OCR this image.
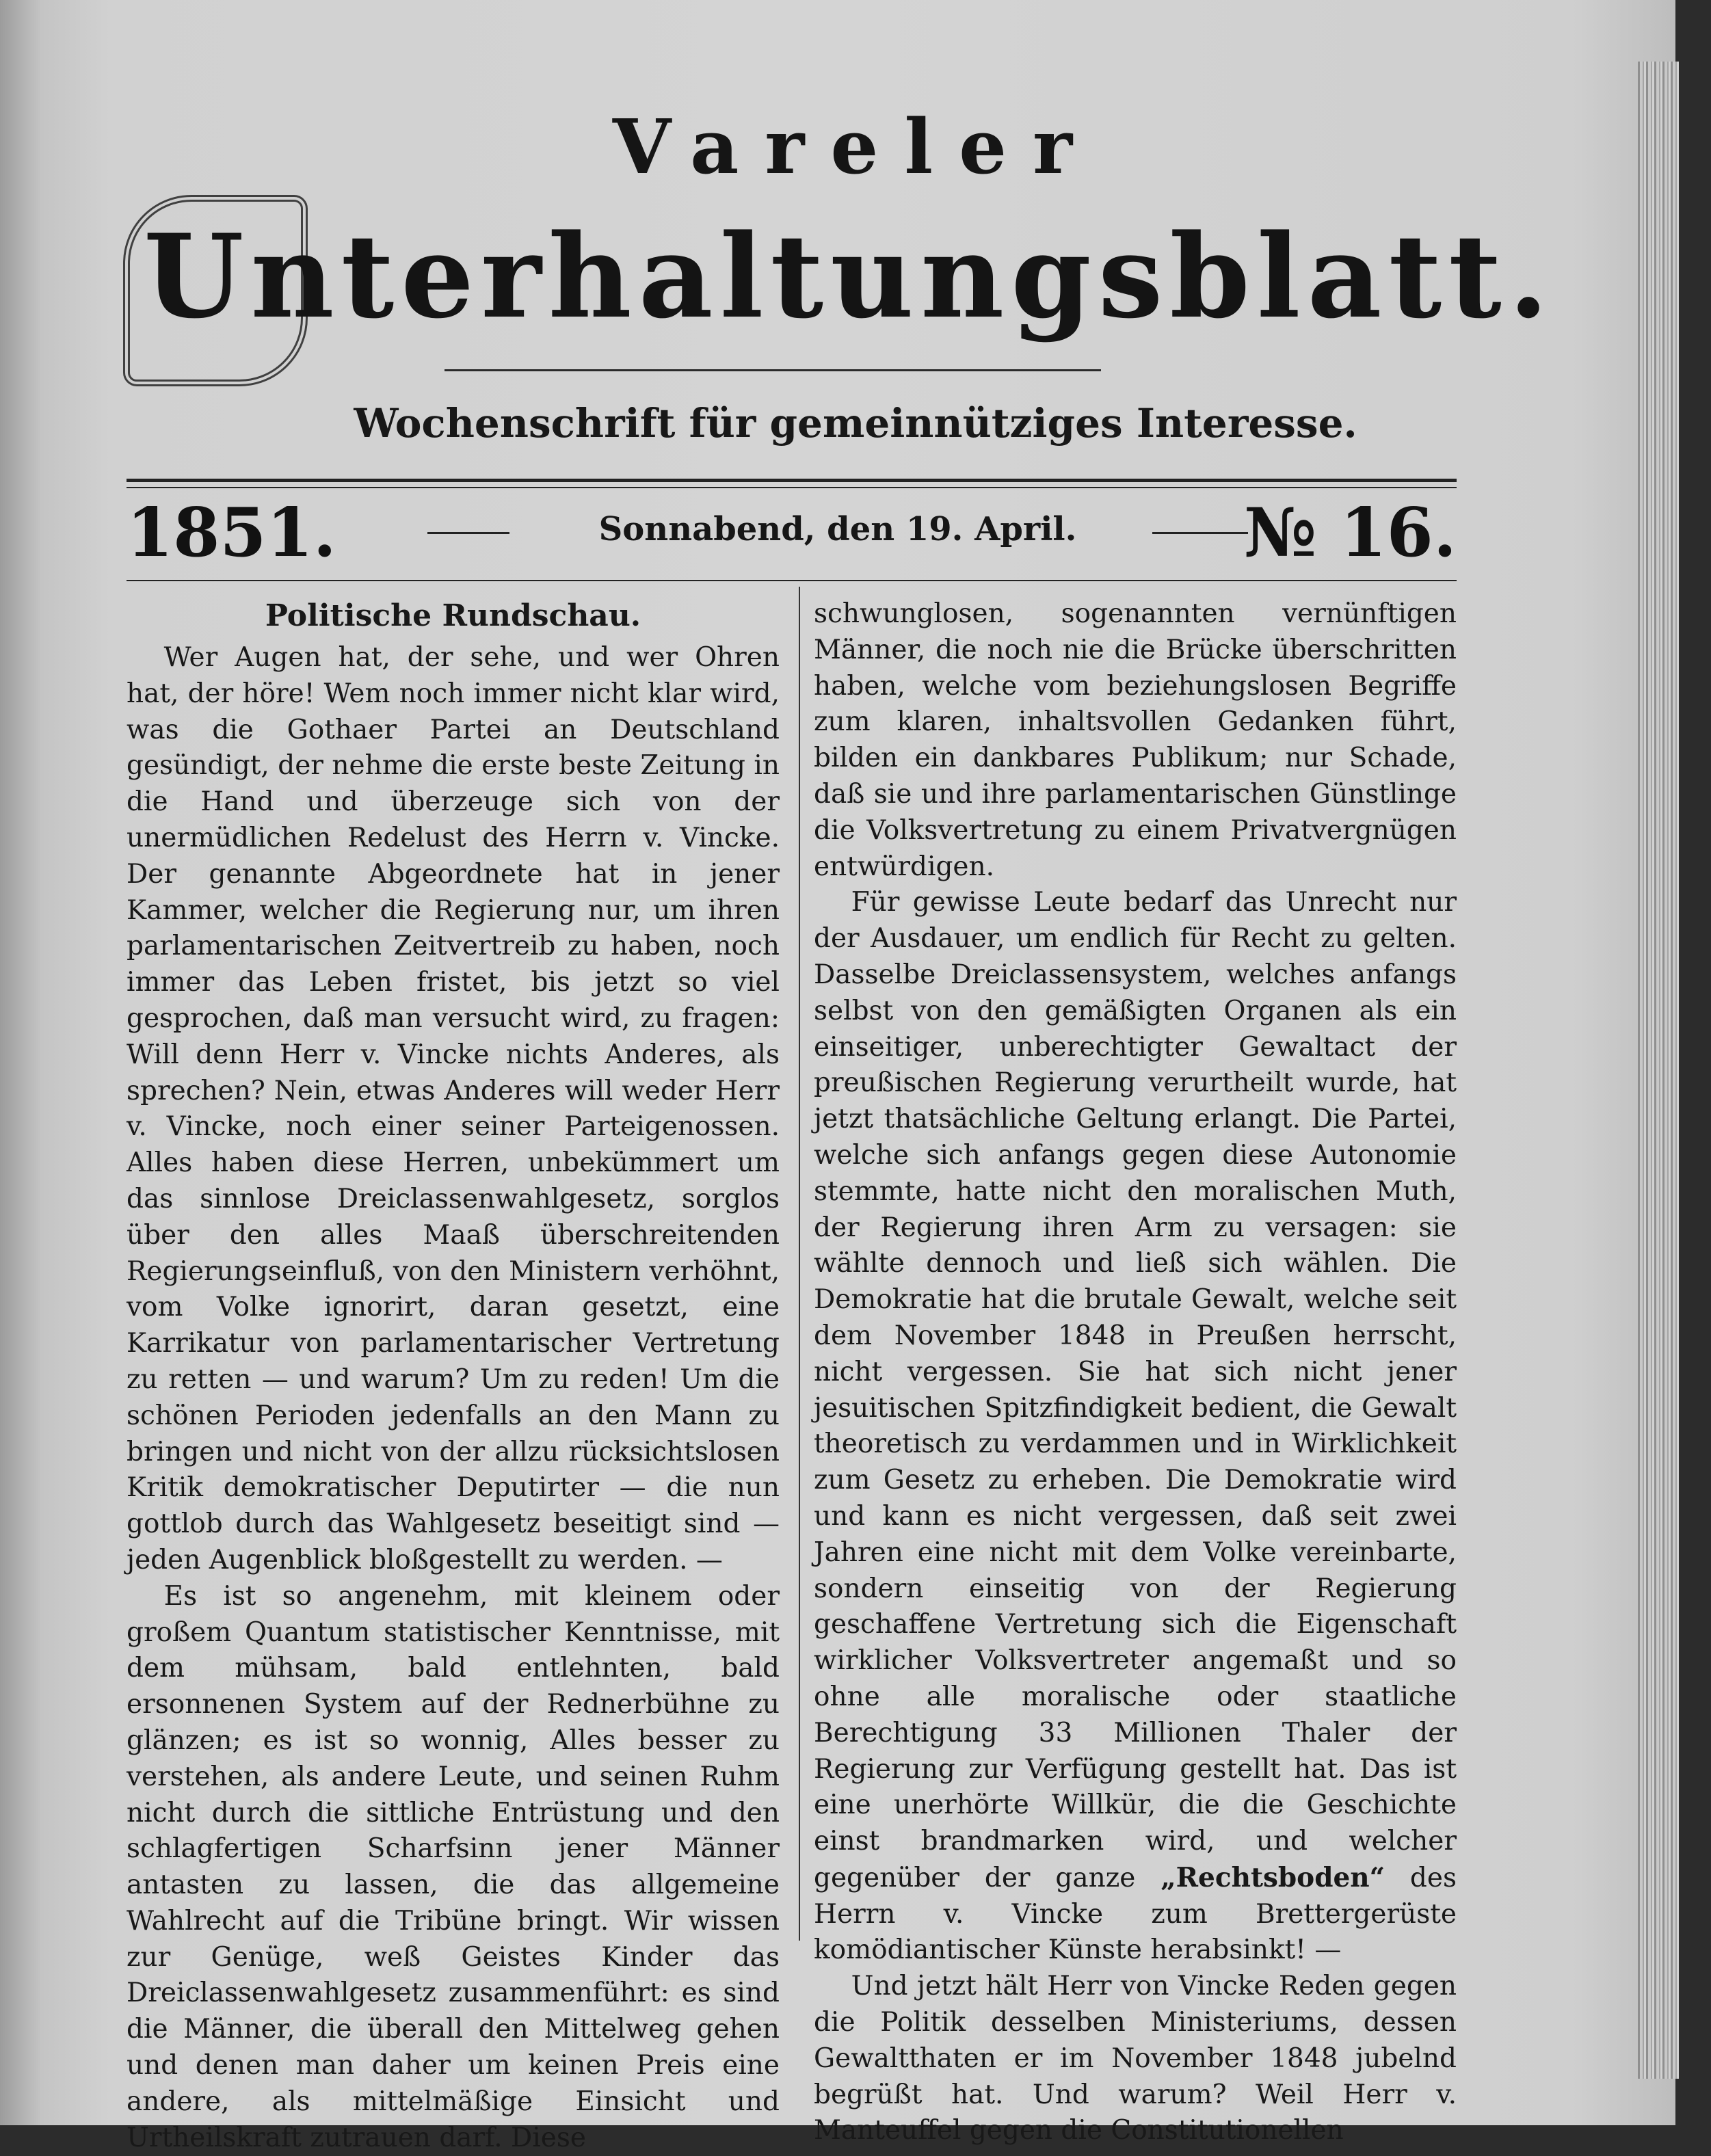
Vareler
Unterhaltungsblatt.
Wochenschrift für gemeinnütziges Interesse.
1851.	Sonnabend, den 19. April.	№ 16.
Politische Rundschau.

Wer Augen hat, der sehe, und wer Ohren hat, der höre! Wem noch immer nicht klar wird, was die Gothaer Partei an Deutschland gesündigt, der nehme die erste beste Zeitung in die Hand und überzeuge sich von der unermüdlichen Redelust des Herrn v. Vincke. Der genannte Abgeordnete hat in jener Kammer, welcher die Regierung nur, um ihren parlamentarischen Zeitvertreib zu haben, noch immer das Leben fristet, bis jetzt so viel gesprochen, daß man versucht wird, zu fragen: Will denn Herr v. Vincke nichts Anderes, als sprechen? Nein, etwas Anderes will weder Herr v. Vincke, noch einer seiner Parteigenossen. Alles haben diese Herren, unbekümmert um das sinnlose Dreiclassenwahlgesetz, sorglos über den alles Maaß überschreitenden Regierungseinfluß, von den Ministern verhöhnt, vom Volke ignorirt, daran gesetzt, eine Karrikatur von parlamentarischer Vertretung zu retten — und warum? Um zu reden! Um die schönen Perioden jedenfalls an den Mann zu bringen und nicht von der allzu rücksichtslosen Kritik demokratischer Deputirter — die nun gottlob durch das Wahlgesetz beseitigt sind — jeden Augenblick bloßgestellt zu werden. —

Es ist so angenehm, mit kleinem oder großem Quantum statistischer Kenntnisse, mit dem mühsam, bald entlehnten, bald ersonnenen System auf der Rednerbühne zu glänzen; es ist so wonnig, Alles besser zu verstehen, als andere Leute, und seinen Ruhm nicht durch die sittliche Entrüstung und den schlagfertigen Scharfsinn jener Männer antasten zu lassen, die das allgemeine Wahlrecht auf die Tribüne bringt. Wir wissen zur Genüge, weß Geistes Kinder das Dreiclassenwahlgesetz zusammenführt: es sind die Männer, die überall den Mittelweg gehen und denen man daher um keinen Preis eine andere, als mittelmäßige Einsicht und Urtheilskraft zutrauen darf. Diese

schwunglosen, sogenannten vernünftigen Männer, die noch nie die Brücke überschritten haben, welche vom beziehungslosen Begriffe zum klaren, inhaltsvollen Gedanken führt, bilden ein dankbares Publikum; nur Schade, daß sie und ihre parlamentarischen Günstlinge die Volksvertretung zu einem Privatvergnügen entwürdigen.

Für gewisse Leute bedarf das Unrecht nur der Ausdauer, um endlich für Recht zu gelten. Dasselbe Dreiclassensystem, welches anfangs selbst von den gemäßigten Organen als ein einseitiger, unberechtigter Gewaltact der preußischen Regierung verurtheilt wurde, hat jetzt thatsächliche Geltung erlangt. Die Partei, welche sich anfangs gegen diese Autonomie stemmte, hatte nicht den moralischen Muth, der Regierung ihren Arm zu versagen: sie wählte dennoch und ließ sich wählen. Die Demokratie hat die brutale Gewalt, welche seit dem November 1848 in Preußen herrscht, nicht vergessen. Sie hat sich nicht jener jesuitischen Spitzfindigkeit bedient, die Gewalt theoretisch zu verdammen und in Wirklichkeit zum Gesetz zu erheben. Die Demokratie wird und kann es nicht vergessen, daß seit zwei Jahren eine nicht mit dem Volke vereinbarte, sondern einseitig von der Regierung geschaffene Vertretung sich die Eigenschaft wirklicher Volksvertreter angemaßt und so ohne alle moralische oder staatliche Berechtigung 33 Millionen Thaler der Regierung zur Verfügung gestellt hat. Das ist eine unerhörte Willkür, die die Geschichte einst brandmarken wird, und welcher gegenüber der ganze „Rechtsboden“ des Herrn v. Vincke zum Brettergerüste komödiantischer Künste herabsinkt! —

Und jetzt hält Herr von Vincke Reden gegen die Politik desselben Ministeriums, dessen Gewaltthaten er im November 1848 jubelnd begrüßt hat. Und warum? Weil Herr v. Manteuffel gegen die Constitutionellen
